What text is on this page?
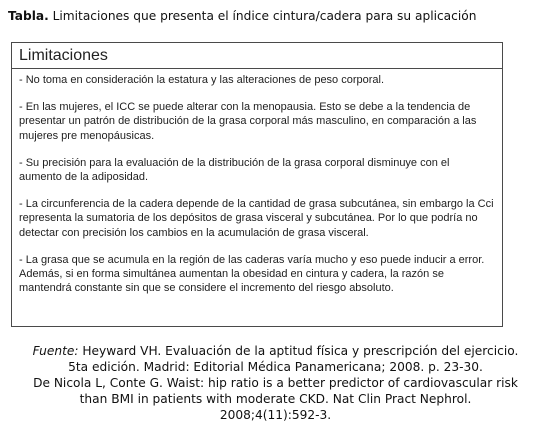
Tabla. Limitaciones que presenta el índice cintura/cadera para su aplicación
Limitaciones
- No toma en consideración la estatura y las alteraciones de peso corporal.
- En las mujeres, el ICC se puede alterar con la menopausia. Esto se debe a la tendencia de presentar un patrón de distribución de la grasa corporal más masculino, en comparación a las mujeres pre menopáusicas.
- Su precisión para la evaluación de la distribución de la grasa corporal disminuye con el aumento de la adiposidad.
- La circunferencia de la cadera depende de la cantidad de grasa subcutánea, sin embargo la Cci representa la sumatoria de los depósitos de grasa visceral y subcutánea. Por lo que podría no detectar con precisión los cambios en la acumulación de grasa visceral.
- La grasa que se acumula en la región de las caderas varía mucho y eso puede inducir a error. Además, si en forma simultánea aumentan la obesidad en cintura y cadera, la razón se mantendrá constante sin que se considere el incremento del riesgo absoluto.
Fuente: Heyward VH. Evaluación de la aptitud física y prescripción del ejercicio.
5ta edición. Madrid: Editorial Médica Panamericana; 2008. p. 23-30.
De Nicola L, Conte G. Waist: hip ratio is a better predictor of cardiovascular risk
than BMI in patients with moderate CKD. Nat Clin Pract Nephrol.
2008;4(11):592-3.
